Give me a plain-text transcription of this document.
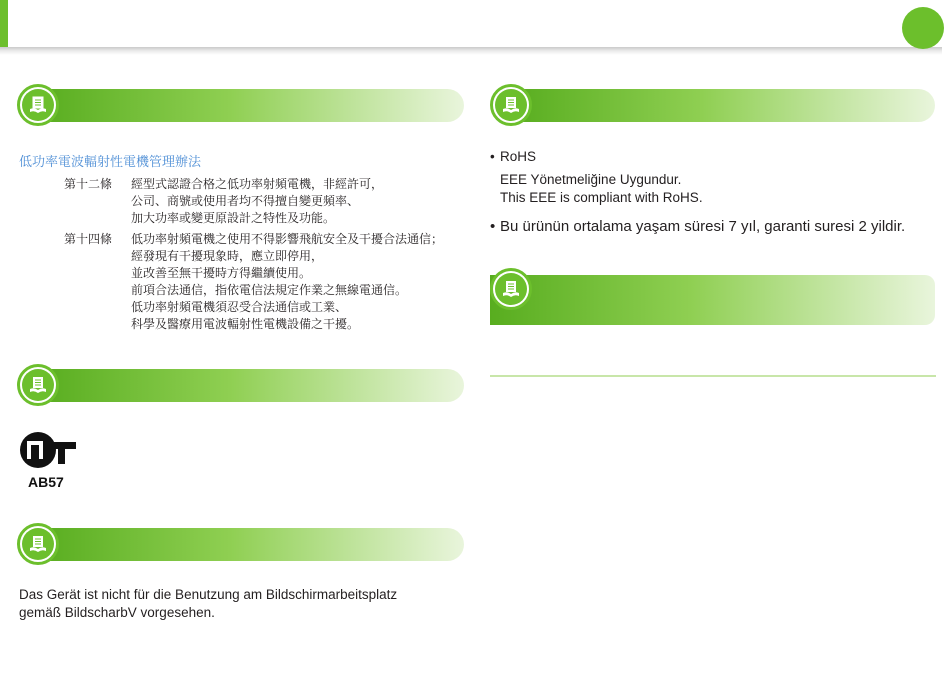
低功率電波輻射性電機管理辦法
第十二條 經型式認證合格之低功率射頻電機，非經許可，
公司、商號或使用者均不得擅自變更頻率、
加大功率或變更原設計之特性及功能。
第十四條 低功率射頻電機之使用不得影響飛航安全及干擾合法通信；
經發現有干擾現象時，應立即停用，
並改善至無干擾時方得繼續使用。
前項合法通信，指依電信法規定作業之無線電通信。
低功率射頻電機須忍受合法通信或工業、
科學及醫療用電波輻射性電機設備之干擾。
AB57
Das Gerät ist nicht für die Benutzung am Bildschirmarbeitsplatz
gemäß BildscharbV vorgesehen.
• RoHS
EEE Yönetmeliğine Uygundur.
This EEE is compliant with RoHS.
• Bu ürünün ortalama yaşam süresi 7 yıl, garanti suresi 2 yildir.
